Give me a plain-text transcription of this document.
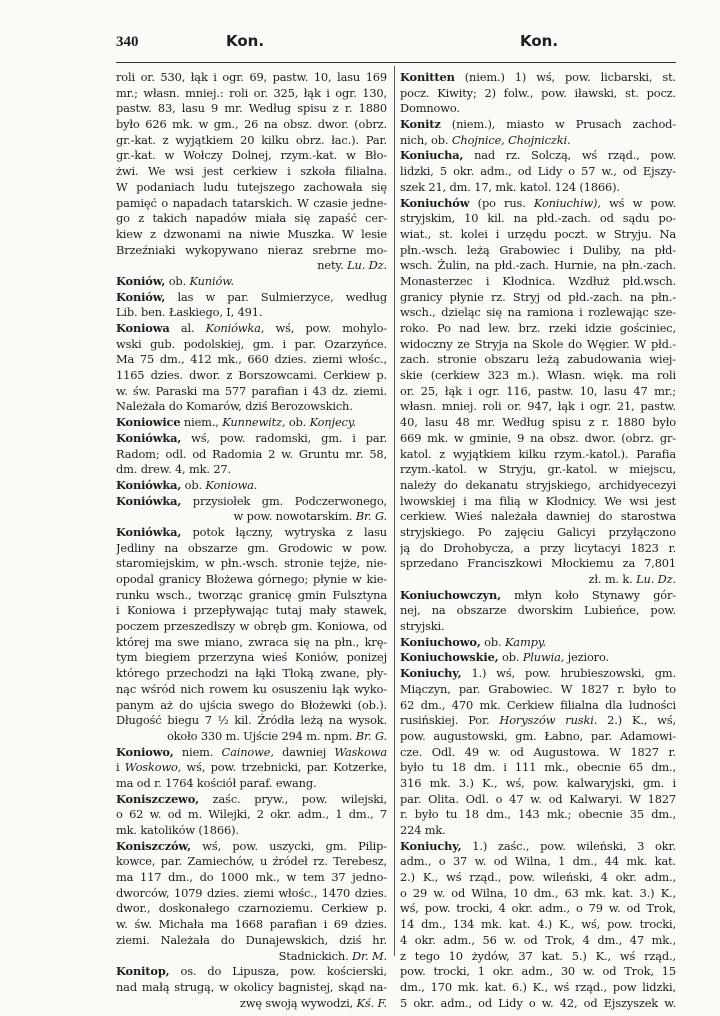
340	Kon.	Kon.
roli or. 530, łąk i ogr. 69, pastw. 10, lasu 169
mr.; własn. mniej.: roli or. 325, łąk i ogr. 130,
pastw. 83, lasu 9 mr. Według spisu z r. 1880
było 626 mk. w gm., 26 na obsz. dwor. (obrz.
gr.-kat. z wyjątkiem 20 kilku obrz. łac.). Par.
gr.-kat. w Wołczy Dolnej, rzym.-kat. w Bło-
żwi. We wsi jest cerkiew i szkoła filialna.
W podaniach ludu tutejszego zachowała się
pamięć o napadach tatarskich. W czasie jedne-
go z takich napadów miała się zapaść cer-
kiew z dzwonami na niwie Muszka. W lesie
Brzeźniaki wykopywano nieraz srebrne mo-
nety. Lu. Dz.
Koniów, ob. Kuniów.
Koniów, las w par. Sulmierzyce, według
Lib. ben. Łaskiego, I, 491.
Koniowa al. Koniówka, wś, pow. mohylo-
wski gub. podolskiej, gm. i par. Ozarzyńce.
Ma 75 dm., 412 mk., 660 dzies. ziemi włośc.,
1165 dzies. dwor. z Borszowcami. Cerkiew p.
w. św. Paraski ma 577 parafian i 43 dz. ziemi.
Należała do Komarów, dziś Berozowskich.
Koniowice niem., Kunnewitz, ob. Konjecy.
Koniówka, wś, pow. radomski, gm. i par.
Radom; odl. od Radomia 2 w. Gruntu mr. 58,
dm. drew. 4, mk. 27.
Koniówka, ob. Koniowa.
Koniówka, przysiołek gm. Podczerwonego,
w pow. nowotarskim. Br. G.
Koniówka, potok łączny, wytryska z lasu
Jedliny na obszarze gm. Grodowic w pow.
staromiejskim, w płn.-wsch. stronie tejże, nie-
opodal granicy Błożewa górnego; płynie w kie-
runku wsch., tworząc granicę gmin Fulsztyna
i Koniowa i przepływając tutaj mały stawek,
poczem przeszedłszy w obręb gm. Koniowa, od
której ma swe miano, zwraca się na płn., krę-
tym biegiem przerzyna wieś Koniów, ponizej
którego przechodzi na łąki Tłoką zwane, pły-
nąc wśród nich rowem ku osuszeniu łąk wyko-
panym aż do ujścia swego do Błożewki (ob.).
Długość biegu 7 ½ kil. Źródła leżą na wysok.
około 330 m. Ujście 294 m. npm. Br. G.
Koniowo, niem. Cainowe, dawniej Waskowa
i Woskowo, wś, pow. trzebnicki, par. Kotzerke,
ma od r. 1764 kościół paraf. ewang.
Koniszczewo, zaśc. pryw., pow. wilejski,
o 62 w. od m. Wilejki, 2 okr. adm., 1 dm., 7
mk. katolików (1866).
Koniszczów, wś, pow. uszycki, gm. Pilip-
kowce, par. Zamiechów, u źródeł rz. Terebesz,
ma 117 dm., do 1000 mk., w tem 37 jedno-
dworców, 1079 dzies. ziemi włośc., 1470 dzies.
dwor., doskonałego czarnoziemu. Cerkiew p.
w. św. Michała ma 1668 parafian i 69 dzies.
ziemi. Należała do Dunajewskich, dziś hr.
Stadnickich. Dr. M.
Konitop, os. do Lipusza, pow. kościerski,
nad małą strugą, w okolicy bagnistej, skąd na-
zwę swoją wywodzi, Kś. F.
Konitten (niem.) 1) wś, pow. licbarski, st.
pocz. Kiwity; 2) folw., pow. iławski, st. pocz.
Domnowo.
Konitz (niem.), miasto w Prusach zachod-
nich, ob. Chojnice, Chojniczki.
Koniucha, nad rz. Solczą, wś rząd., pow.
lidzki, 5 okr. adm., od Lidy o 57 w., od Ejszy-
szek 21, dm. 17, mk. katol. 124 (1866).
Koniuchów (po rus. Koniuchiw), wś w pow.
stryjskim, 10 kil. na płd.-zach. od sądu po-
wiat., st. kolei i urzędu poczt. w Stryju. Na
płn.-wsch. leżą Grabowiec i Duliby, na płd-
wsch. Żulin, na płd.-zach. Hurnie, na płn.-zach.
Monasterzec i Kłodnica. Wzdłuż płd.wsch.
granicy płynie rz. Stryj od płd.-zach. na płn.-
wsch., dzieląc się na ramiona i rozlewając sze-
roko. Po nad lew. brz. rzeki idzie gościniec,
widoczny ze Stryja na Skole do Węgier. W płd.-
zach. stronie obszaru leżą zabudowania wiej-
skie (cerkiew 323 m.). Własn. więk. ma roli
or. 25, łąk i ogr. 116, pastw. 10, lasu 47 mr.;
własn. mniej. roli or. 947, łąk i ogr. 21, pastw.
40, lasu 48 mr. Według spisu z r. 1880 było
669 mk. w gminie, 9 na obsz. dwor. (obrz. gr-
katol. z wyjątkiem kilku rzym.-katol.). Parafia
rzym.-katol. w Stryju, gr.-katol. w miejscu,
należy do dekanatu stryjskiego, archidyecezyi
lwowskiej i ma filią w Kłodnicy. We wsi jest
cerkiew. Wieś należała dawniej do starostwa
stryjskiego. Po zajęciu Galicyi przyłączono
ją do Drohobycza, a przy licytacyi 1823 r.
sprzedano Franciszkowi Młockiemu za 7,801
zł. m. k. Lu. Dz.
Koniuchowczyn, młyn koło Stynawy gór-
nej, na obszarze dworskim Lubieńce, pow.
stryjski.
Koniuchowo, ob. Kampy.
Koniuchowskie, ob. Pluwia, jezioro.
Koniuchy, 1.) wś, pow. hrubieszowski, gm.
Miączyn, par. Grabowiec. W 1827 r. było to
62 dm., 470 mk. Cerkiew filialna dla ludności
rusińskiej. Por. Horyszów ruski. 2.) K., wś,
pow. augustowski, gm. Łabno, par. Adamowi-
cze. Odl. 49 w. od Augustowa. W 1827 r.
było tu 18 dm. i 111 mk., obecnie 65 dm.,
316 mk. 3.) K., wś, pow. kalwaryjski, gm. i
par. Olita. Odl. o 47 w. od Kalwaryi. W 1827
r. było tu 18 dm., 143 mk.; obecnie 35 dm.,
224 mk.
Koniuchy, 1.) zaśc., pow. wileński, 3 okr.
adm., o 37 w. od Wilna, 1 dm., 44 mk. kat.
2.) K., wś rząd., pow. wileński, 4 okr. adm.,
o 29 w. od Wilna, 10 dm., 63 mk. kat. 3.) K.,
wś, pow. trocki, 4 okr. adm., o 79 w. od Trok,
14 dm., 134 mk. kat. 4.) K., wś, pow. trocki,
4 okr. adm., 56 w. od Trok, 4 dm., 47 mk.,
z tego 10 żydów, 37 kat. 5.) K., wś rząd.,
pow. trocki, 1 okr. adm., 30 w. od Trok, 15
dm., 170 mk. kat. 6.) K., wś rząd., pow lidzki,
5 okr. adm., od Lidy o w. 42, od Ejszyszek w.
